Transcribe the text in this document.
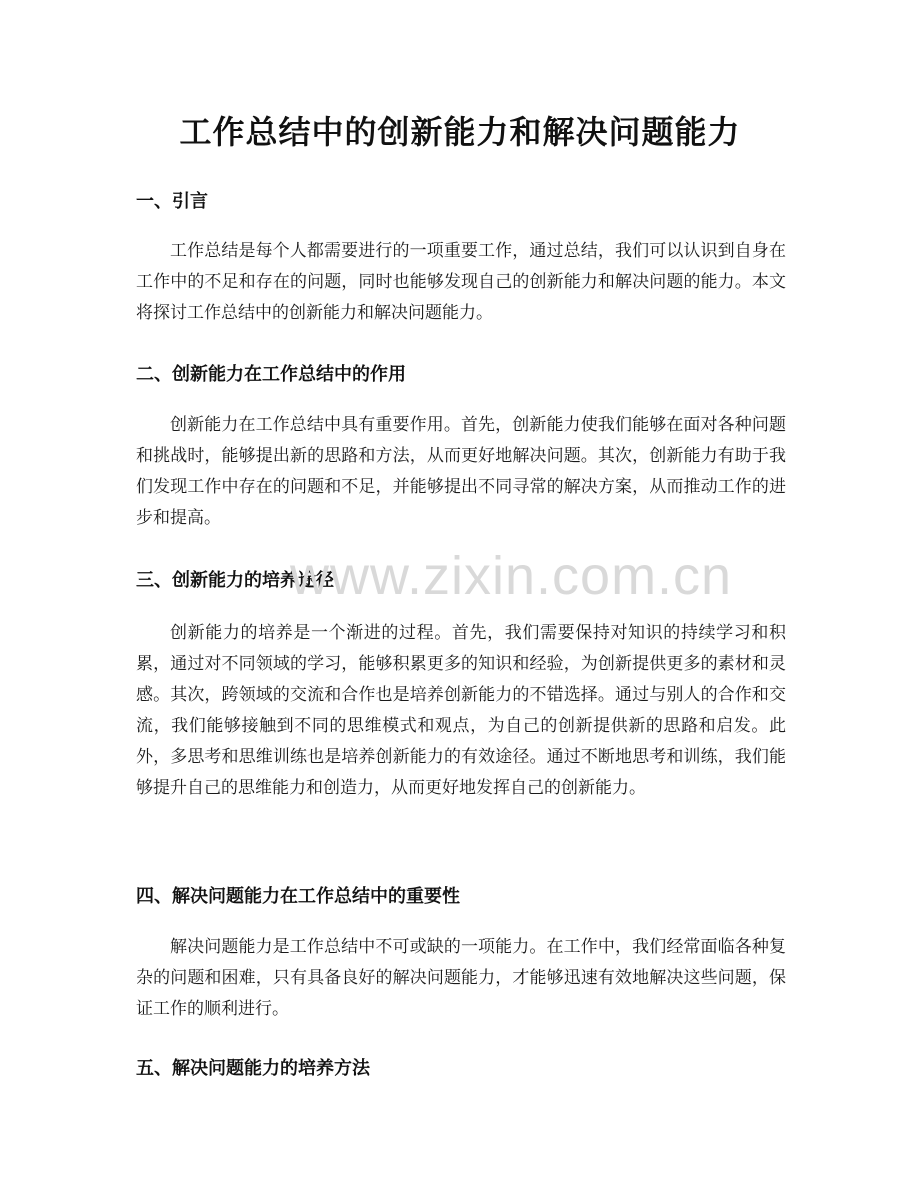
工作总结中的创新能力和解决问题能力
一、引言

工作总结是每个人都需要进行的一项重要工作，通过总结，我们可以认识到自身在工作中的不足和存在的问题，同时也能够发现自己的创新能力和解决问题的能力。本文将探讨工作总结中的创新能力和解决问题能力。

二、创新能力在工作总结中的作用

创新能力在工作总结中具有重要作用。首先，创新能力使我们能够在面对各种问题和挑战时，能够提出新的思路和方法，从而更好地解决问题。其次，创新能力有助于我们发现工作中存在的问题和不足，并能够提出不同寻常的解决方案，从而推动工作的进步和提高。

三、创新能力的培养途径

创新能力的培养是一个渐进的过程。首先，我们需要保持对知识的持续学习和积累，通过对不同领域的学习，能够积累更多的知识和经验，为创新提供更多的素材和灵感。其次，跨领域的交流和合作也是培养创新能力的不错选择。通过与别人的合作和交流，我们能够接触到不同的思维模式和观点，为自己的创新提供新的思路和启发。此外，多思考和思维训练也是培养创新能力的有效途径。通过不断地思考和训练，我们能够提升自己的思维能力和创造力，从而更好地发挥自己的创新能力。

四、解决问题能力在工作总结中的重要性

解决问题能力是工作总结中不可或缺的一项能力。在工作中，我们经常面临各种复杂的问题和困难，只有具备良好的解决问题能力，才能够迅速有效地解决这些问题，保证工作的顺利进行。

五、解决问题能力的培养方法
www.zixin.com.cn
